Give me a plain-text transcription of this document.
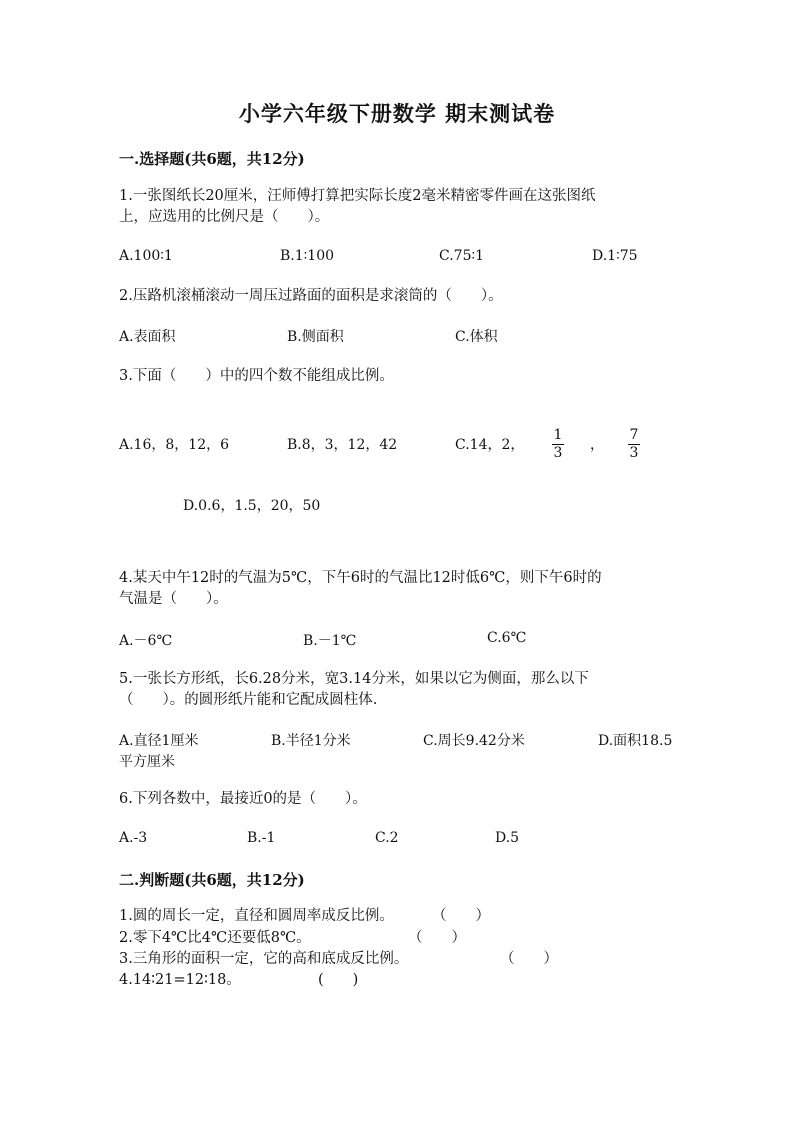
小学六年级下册数学 期末测试卷
一.选择题(共6题，共12分)
1.一张图纸长20厘米，汪师傅打算把实际长度2毫米精密零件画在这张图纸
上，应选用的比例尺是（　　）。
A.100∶1	B.1∶100	C.75∶1	D.1∶75
2.压路机滚桶滚动一周压过路面的面积是求滚筒的（　　）。
A.表面积	B.侧面积	C.体积
3.下面（　　）中的四个数不能组成比例。
A.16，8，12，6	B.8，3，12，42	C.14，2，
1
3 ，
7
3
D.0.6，1.5，20，50
4.某天中午12时的气温为5℃，下午6时的气温比12时低6℃，则下午6时的
气温是（　　）。
A.－6℃	B.－1℃	C.6℃
5.一张长方形纸，长6.28分米，宽3.14分米，如果以它为侧面，那么以下
（　　）。的圆形纸片能和它配成圆柱体.
A.直径1厘米	B.半径1分米	C.周长9.42分米	D.面积18.5
平方厘米
6.下列各数中，最接近0的是（　　）。
A.-3	B.-1	C.2	D.5
二.判断题(共6题，共12分)
1.圆的周长一定，直径和圆周率成反比例。	（　　）
2.零下4℃比4℃还要低8℃。	（　　）
3.三角形的面积一定，它的高和底成反比例。	（　　）
4.14∶21=12∶18。	(　　)
